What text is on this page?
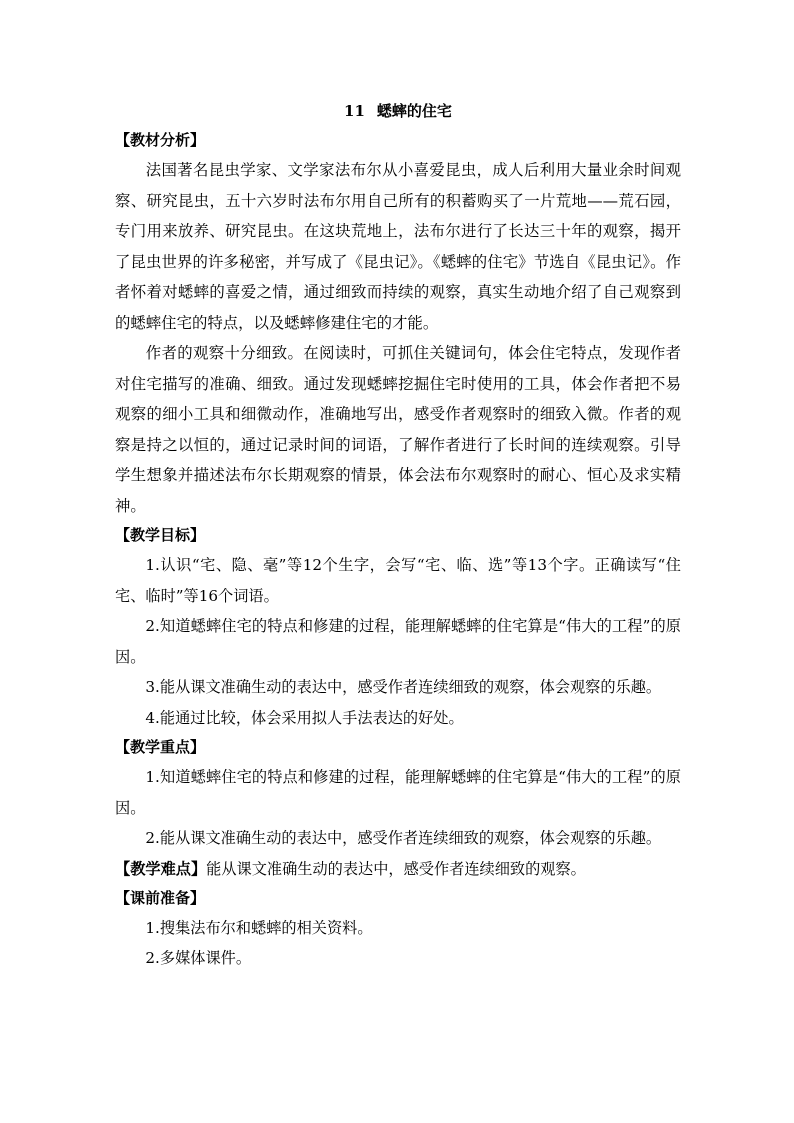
11 蟋蟀的住宅

【教材分析】

法国著名昆虫学家、文学家法布尔从小喜爱昆虫，成人后利用大量业余时间观察、研究昆虫，五十六岁时法布尔用自己所有的积蓄购买了一片荒地——荒石园，专门用来放养、研究昆虫。在这块荒地上，法布尔进行了长达三十年的观察，揭开了昆虫世界的许多秘密，并写成了《昆虫记》。《蟋蟀的住宅》节选自《昆虫记》。作者怀着对蟋蟀的喜爱之情，通过细致而持续的观察，真实生动地介绍了自己观察到的蟋蟀住宅的特点，以及蟋蟀修建住宅的才能。

作者的观察十分细致。在阅读时，可抓住关键词句，体会住宅特点，发现作者对住宅描写的准确、细致。通过发现蟋蟀挖掘住宅时使用的工具，体会作者把不易观察的细小工具和细微动作，准确地写出，感受作者观察时的细致入微。作者的观察是持之以恒的，通过记录时间的词语，了解作者进行了长时间的连续观察。引导学生想象并描述法布尔长期观察的情景，体会法布尔观察时的耐心、恒心及求实精神。

【教学目标】

1.认识“宅、隐、毫”等12个生字，会写“宅、临、选”等13个字。正确读写“住宅、临时”等16个词语。

2.知道蟋蟀住宅的特点和修建的过程，能理解蟋蟀的住宅算是“伟大的工程”的原因。

3.能从课文准确生动的表达中，感受作者连续细致的观察，体会观察的乐趣。

4.能通过比较，体会采用拟人手法表达的好处。

【教学重点】

1.知道蟋蟀住宅的特点和修建的过程，能理解蟋蟀的住宅算是“伟大的工程”的原因。

2.能从课文准确生动的表达中，感受作者连续细致的观察，体会观察的乐趣。

【教学难点】能从课文准确生动的表达中，感受作者连续细致的观察。

【课前准备】

1.搜集法布尔和蟋蟀的相关资料。

2.多媒体课件。
